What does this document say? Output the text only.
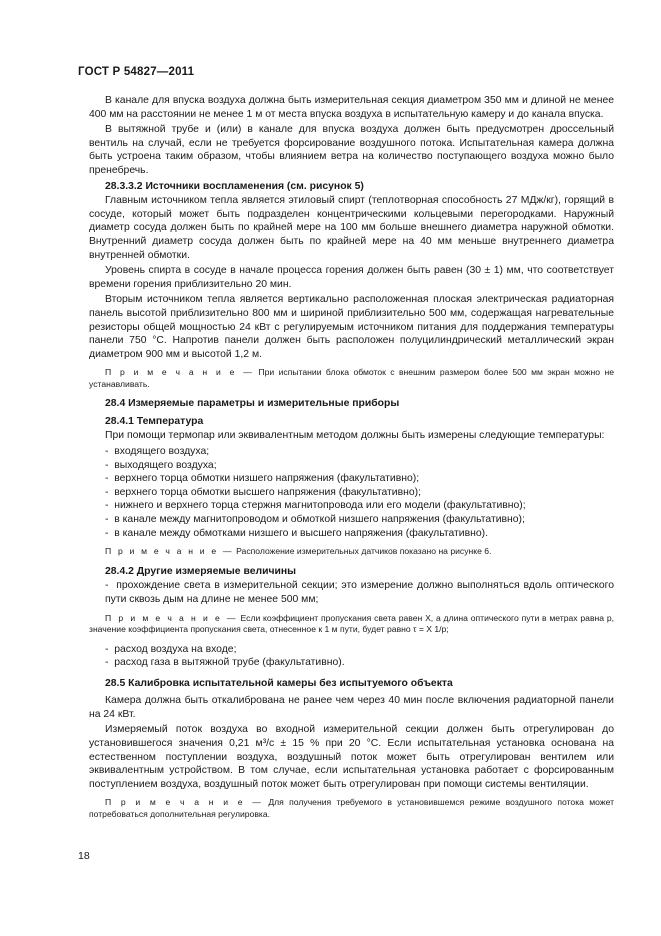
ГОСТ Р 54827—2011

В канале для впуска воздуха должна быть измерительная секция диаметром 350 мм и длиной не менее 400 мм на расстоянии не менее 1 м от места впуска воздуха в испытательную камеру и до канала впуска.

В вытяжной трубе и (или) в канале для впуска воздуха должен быть предусмотрен дроссельный вентиль на случай, если не требуется форсирование воздушного потока. Испытательная камера должна быть устроена таким образом, чтобы влиянием ветра на количество поступающего воздуха можно было пренебречь.

28.3.3.2 Источники воспламенения (см. рисунок 5)

Главным источником тепла является этиловый спирт (теплотворная способность 27 МДж/кг), горящий в сосуде, который может быть подразделен концентрическими кольцевыми перегородками. Наружный диаметр сосуда должен быть по крайней мере на 100 мм больше внешнего диаметра наружной обмотки. Внутренний диаметр сосуда должен быть по крайней мере на 40 мм меньше внутреннего диаметра внутренней обмотки.

Уровень спирта в сосуде в начале процесса горения должен быть равен (30 ± 1) мм, что соответствует времени горения приблизительно 20 мин.

Вторым источником тепла является вертикально расположенная плоская электрическая радиаторная панель высотой приблизительно 800 мм и шириной приблизительно 500 мм, содержащая нагревательные резисторы общей мощностью 24 кВт с регулируемым источником питания для поддержания температуры панели 750 °С. Напротив панели должен быть расположен полуцилиндрический металлический экран диаметром 900 мм и высотой 1,2 м.

П р и м е ч а н и е — При испытании блока обмоток с внешним размером более 500 мм экран можно не устанавливать.

28.4 Измеряемые параметры и измерительные приборы

28.4.1 Температура

При помощи термопар или эквивалентным методом должны быть измерены следующие температуры:

- входящего воздуха;

- выходящего воздуха;

- верхнего торца обмотки низшего напряжения (факультативно);

- верхнего торца обмотки высшего напряжения (факультативно);

- нижнего и верхнего торца стержня магнитопровода или его модели (факультативно);

- в канале между магнитопроводом и обмоткой низшего напряжения (факультативно);

- в канале между обмотками низшего и высшего напряжения (факультативно).

П р и м е ч а н и е — Расположение измерительных датчиков показано на рисунке 6.

28.4.2 Другие измеряемые величины

- прохождение света в измерительной секции; это измерение должно выполняться вдоль оптического пути сквозь дым на длине не менее 500 мм;

П р и м е ч а н и е — Если коэффициент пропускания света равен X, а длина оптического пути в метрах равна p, значение коэффициента пропускания света, отнесенное к 1 м пути, будет равно τ = X 1/p;

- расход воздуха на входе;

- расход газа в вытяжной трубе (факультативно).

28.5 Калибровка испытательной камеры без испытуемого объекта

Камера должна быть откалибрована не ранее чем через 40 мин после включения радиаторной панели на 24 кВт.

Измеряемый поток воздуха во входной измерительной секции должен быть отрегулирован до установившегося значения 0,21 м³/с ± 15 % при 20 °С. Если испытательная установка основана на естественном поступлении воздуха, воздушный поток может быть отрегулирован вентилем или эквивалентным устройством. В том случае, если испытательная установка работает с форсированным поступлением воздуха, воздушный поток может быть отрегулирован при помощи системы вентиляции.

П р и м е ч а н и е — Для получения требуемого в установившемся режиме воздушного потока может потребоваться дополнительная регулировка.

18
